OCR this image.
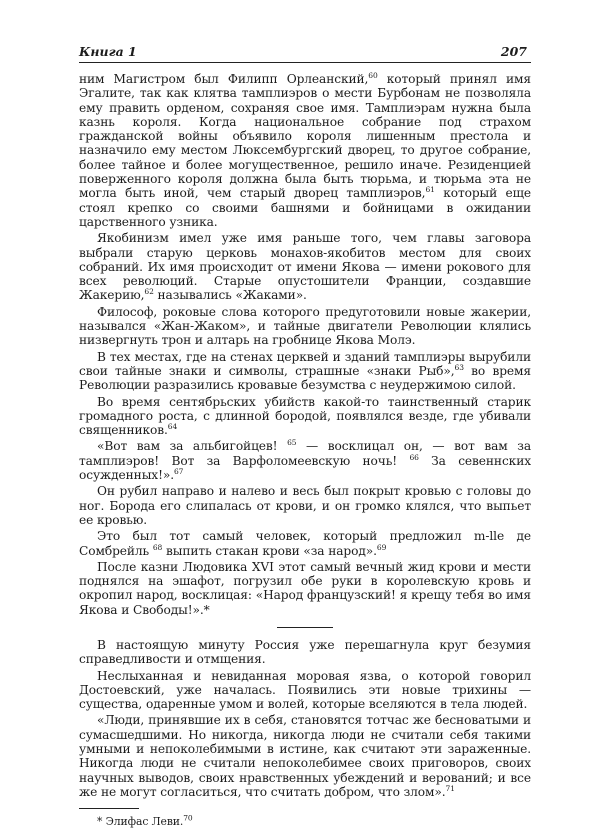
Книга 1	207

ним Магистром был Филипп Орлеанский,$^{60}$ который принял имя Эгалите, так как клятва тамплиэров о мести Бурбонам не позволяла ему править орденом, сохраняя свое имя. Тамплиэрам нужна была казнь короля. Когда национальное собрание под страхом гражданской войны объявило короля лишенным престола и назначило ему местом Люксембургский дворец, то другое собрание, более тайное и более могущественное, решило иначе. Резиденцией поверженного короля должна была быть тюрьма, и тюрьма эта не могла быть иной, чем старый дворец тамплиэров,$^{61}$ который еще стоял крепко со своими башнями и бойницами в ожидании царственного узника.

Якобинизм имел уже имя раньше того, чем главы заговора выбрали старую церковь монахов-якобитов местом для своих собраний. Их имя происходит от имени Якова — имени рокового для всех революций. Старые опустошители Франции, создавшие Жакерию,$^{62}$ назывались «Жаками».

Философ, роковые слова которого предуготовили новые жакерии, назывался «Жан-Жаком», и тайные двигатели Революции клялись низвергнуть трон и алтарь на гробнице Якова Молэ.

В тех местах, где на стенах церквей и зданий тамплиэры вырубили свои тайные знаки и символы, страшные «знаки Рыб»,$^{63}$ во время Революции разразились кровавые безумства с неудержимою силой.

Во время сентябрьских убийств какой-то таинственный старик громадного роста, с длинной бородой, появлялся везде, где убивали священников.$^{64}$

«Вот вам за альбигойцев! $^{65}$ — восклицал он, — вот вам за тамплиэров! Вот за Варфоломеевскую ночь! $^{66}$ За севеннских осужденных!».$^{67}$

Он рубил направо и налево и весь был покрыт кровью с головы до ног. Борода его слипалась от крови, и он громко клялся, что выпьет ее кровью.

Это был тот самый человек, который предложил m-lle де Сомбрейль $^{68}$ выпить стакан крови «за народ».$^{69}$

После казни Людовика XVI этот самый вечный жид крови и мести поднялся на эшафот, погрузил обе руки в королевскую кровь и окропил народ, восклицая: «Народ французский! я крещу тебя во имя Якова и Свободы!».*

В настоящую минуту Россия уже перешагнула круг безумия справедливости и отмщения.

Неслыханная и невиданная моровая язва, о которой говорил Достоевский, уже началась. Появились эти новые трихины — существа, одаренные умом и волей, которые вселяются в тела людей.

«Люди, принявшие их в себя, становятся тотчас же бесноватыми и сумасшедшими. Но никогда, никогда люди не считали себя такими умными и непоколебимыми в истине, как считают эти зараженные. Никогда люди не считали непоколебимее своих приговоров, своих научных выводов, своих нравственных убеждений и верований; и все же не могут согласиться, что считать добром, что злом».$^{71}$

* Элифас Леви.$^{70}$
